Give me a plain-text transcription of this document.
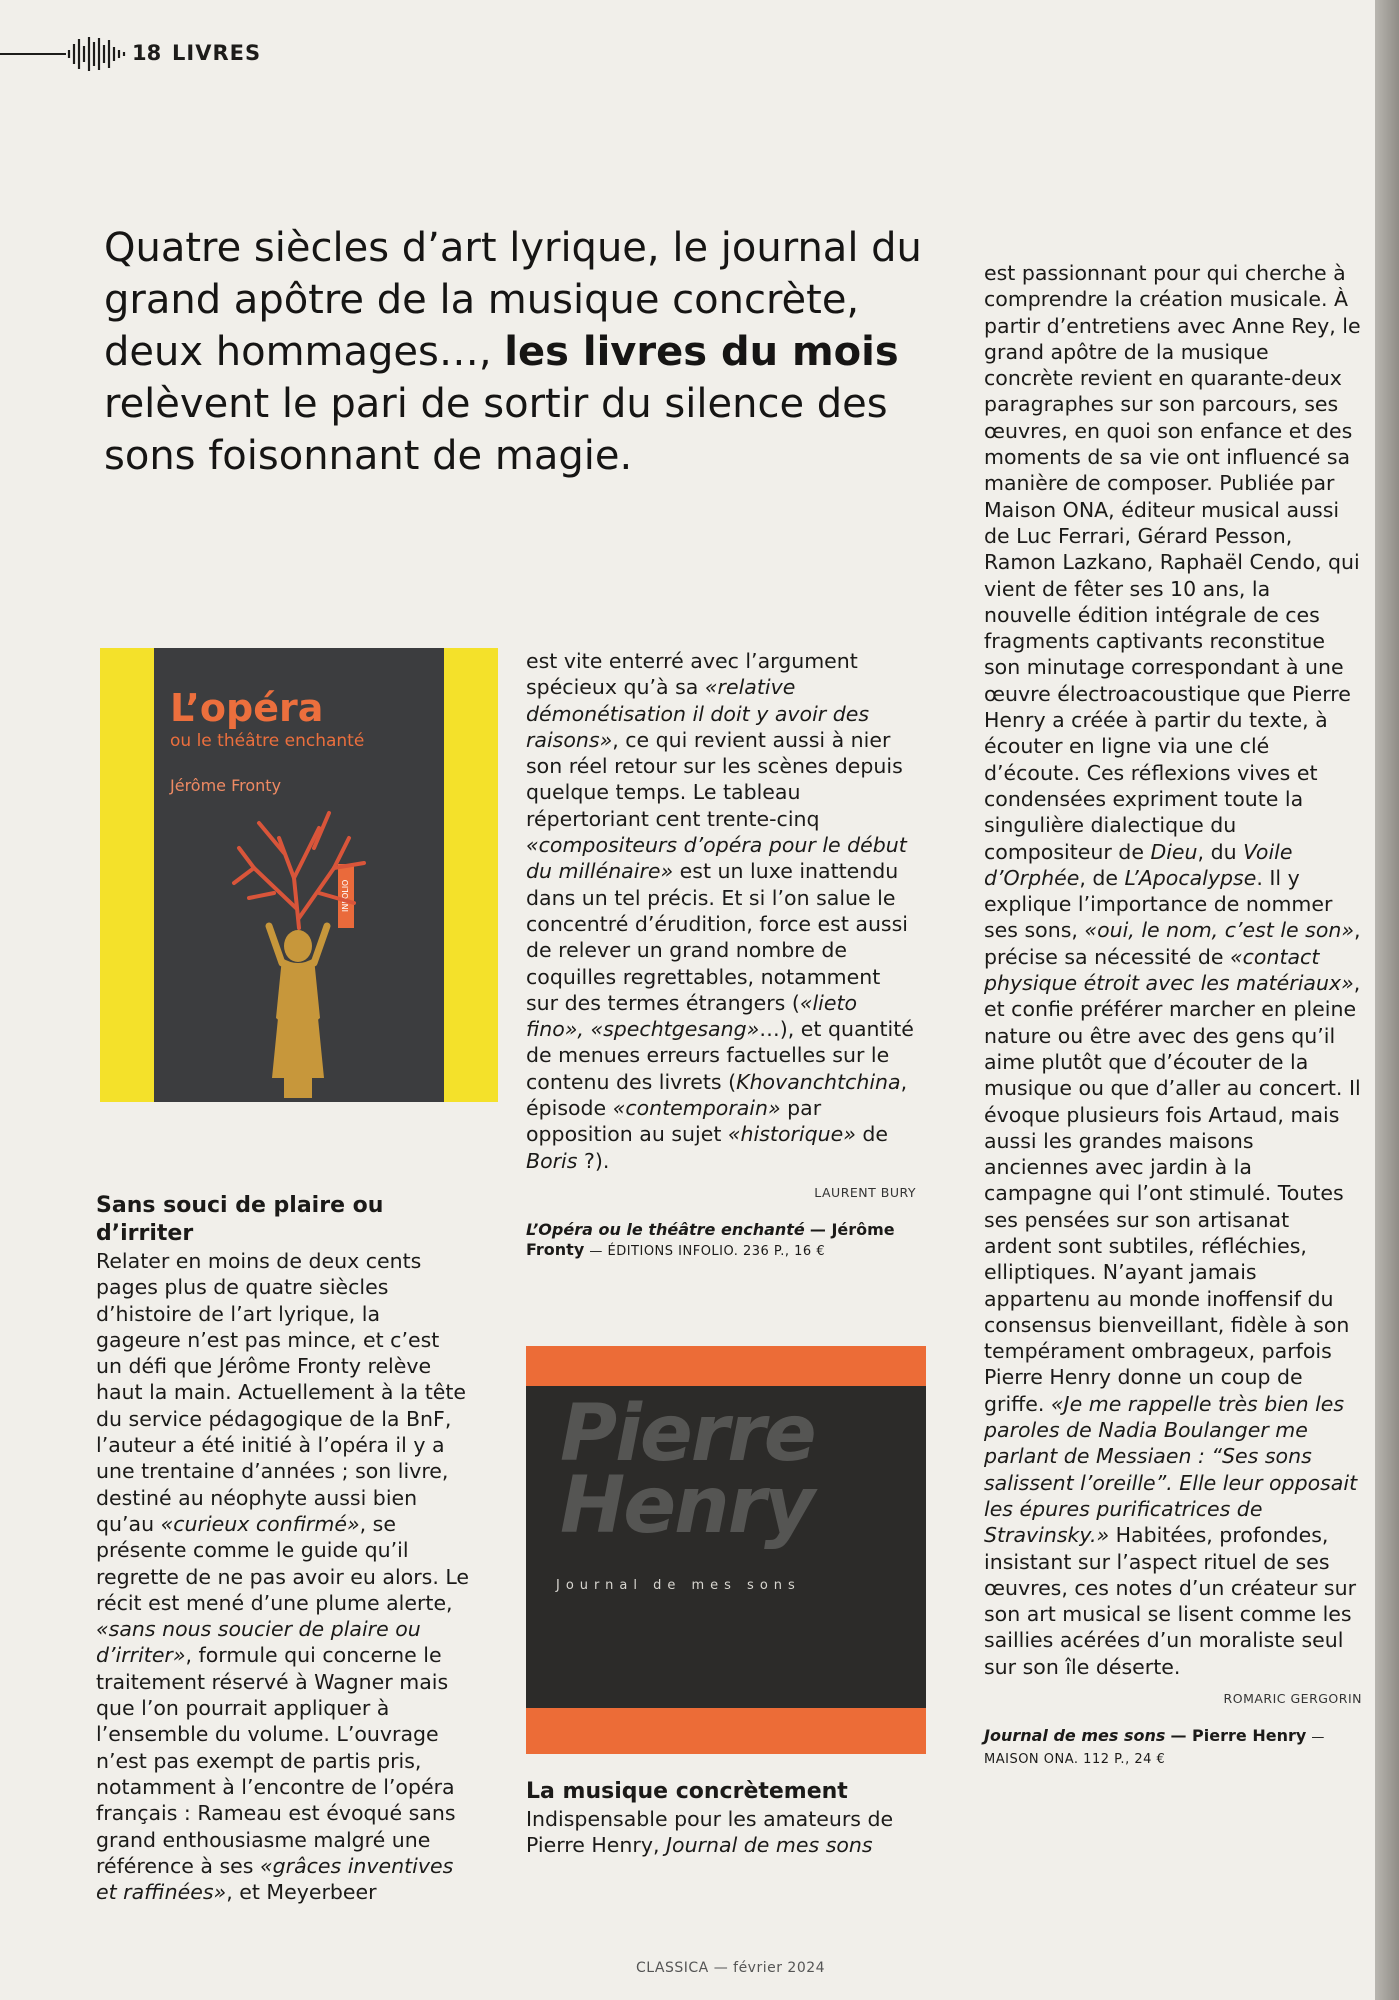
18 LIVRES

Quatre siècles d’art lyrique, le journal du grand apôtre de la musique concrète, deux hommages…, les livres du mois relèvent le pari de sortir du silence des sons foisonnant de magie.

L’opéra
ou le théâtre enchanté
Jérôme Fronty
INFOLIO

Sans souci de plaire ou d’irriter

Relater en moins de deux cents pages plus de quatre siècles d’histoire de l’art lyrique, la gageure n’est pas mince, et c’est un défi que Jérôme Fronty relève haut la main. Actuellement à la tête du service pédagogique de la BnF, l’auteur a été initié à l’opéra il y a une trentaine d’années ; son livre, destiné au néophyte aussi bien qu’au «curieux confirmé», se présente comme le guide qu’il regrette de ne pas avoir eu alors. Le récit est mené d’une plume alerte, «sans nous soucier de plaire ou d’irriter», formule qui concerne le traitement réservé à Wagner mais que l’on pourrait appliquer à l’ensemble du volume. L’ouvrage n’est pas exempt de partis pris, notamment à l’encontre de l’opéra français : Rameau est évoqué sans grand enthousiasme malgré une référence à ses «grâces inventives et raffinées», et Meyerbeer

est vite enterré avec l’argument spécieux qu’à sa «relative démonétisation il doit y avoir des raisons», ce qui revient aussi à nier son réel retour sur les scènes depuis quelque temps. Le tableau répertoriant cent trente-cinq «compositeurs d’opéra pour le début du millénaire» est un luxe inattendu dans un tel précis. Et si l’on salue le concentré d’érudition, force est aussi de relever un grand nombre de coquilles regrettables, notamment sur des termes étrangers («lieto fino», «spechtgesang»…), et quantité de menues erreurs factuelles sur le contenu des livrets (Khovanchtchina, épisode «contemporain» par opposition au sujet «historique» de Boris ?).

LAURENT BURY
L’Opéra ou le théâtre enchanté — Jérôme Fronty — ÉDITIONS INFOLIO. 236 P., 16 €
Pierre Henry
Journal de mes sons

La musique concrètement

Indispensable pour les amateurs de Pierre Henry, Journal de mes sons

est passionnant pour qui cherche à comprendre la création musicale. À partir d’entretiens avec Anne Rey, le grand apôtre de la musique concrète revient en quarante-deux paragraphes sur son parcours, ses œuvres, en quoi son enfance et des moments de sa vie ont influencé sa manière de composer. Publiée par Maison ONA, éditeur musical aussi de Luc Ferrari, Gérard Pesson, Ramon Lazkano, Raphaël Cendo, qui vient de fêter ses 10 ans, la nouvelle édition intégrale de ces fragments captivants reconstitue son minutage correspondant à une œuvre électroacoustique que Pierre Henry a créée à partir du texte, à écouter en ligne via une clé d’écoute. Ces réflexions vives et condensées expriment toute la singulière dialectique du compositeur de Dieu, du Voile d’Orphée, de L’Apocalypse. Il y explique l’importance de nommer ses sons, «oui, le nom, c’est le son», précise sa nécessité de «contact physique étroit avec les matériaux», et confie préférer marcher en pleine nature ou être avec des gens qu’il aime plutôt que d’écouter de la musique ou que d’aller au concert. Il évoque plusieurs fois Artaud, mais aussi les grandes maisons anciennes avec jardin à la campagne qui l’ont stimulé. Toutes ses pensées sur son artisanat ardent sont subtiles, réfléchies, elliptiques. N’ayant jamais appartenu au monde inoffensif du consensus bienveillant, fidèle à son tempérament ombrageux, parfois Pierre Henry donne un coup de griffe. «Je me rappelle très bien les paroles de Nadia Boulanger me parlant de Messiaen : “Ses sons salissent l’oreille”. Elle leur opposait les épures purificatrices de Stravinsky.» Habitées, profondes, insistant sur l’aspect rituel de ses œuvres, ces notes d’un créateur sur son art musical se lisent comme les saillies acérées d’un moraliste seul sur son île déserte.

ROMARIC GERGORIN
Journal de mes sons — Pierre Henry — MAISON ONA. 112 P., 24 €
CLASSICA — février 2024
